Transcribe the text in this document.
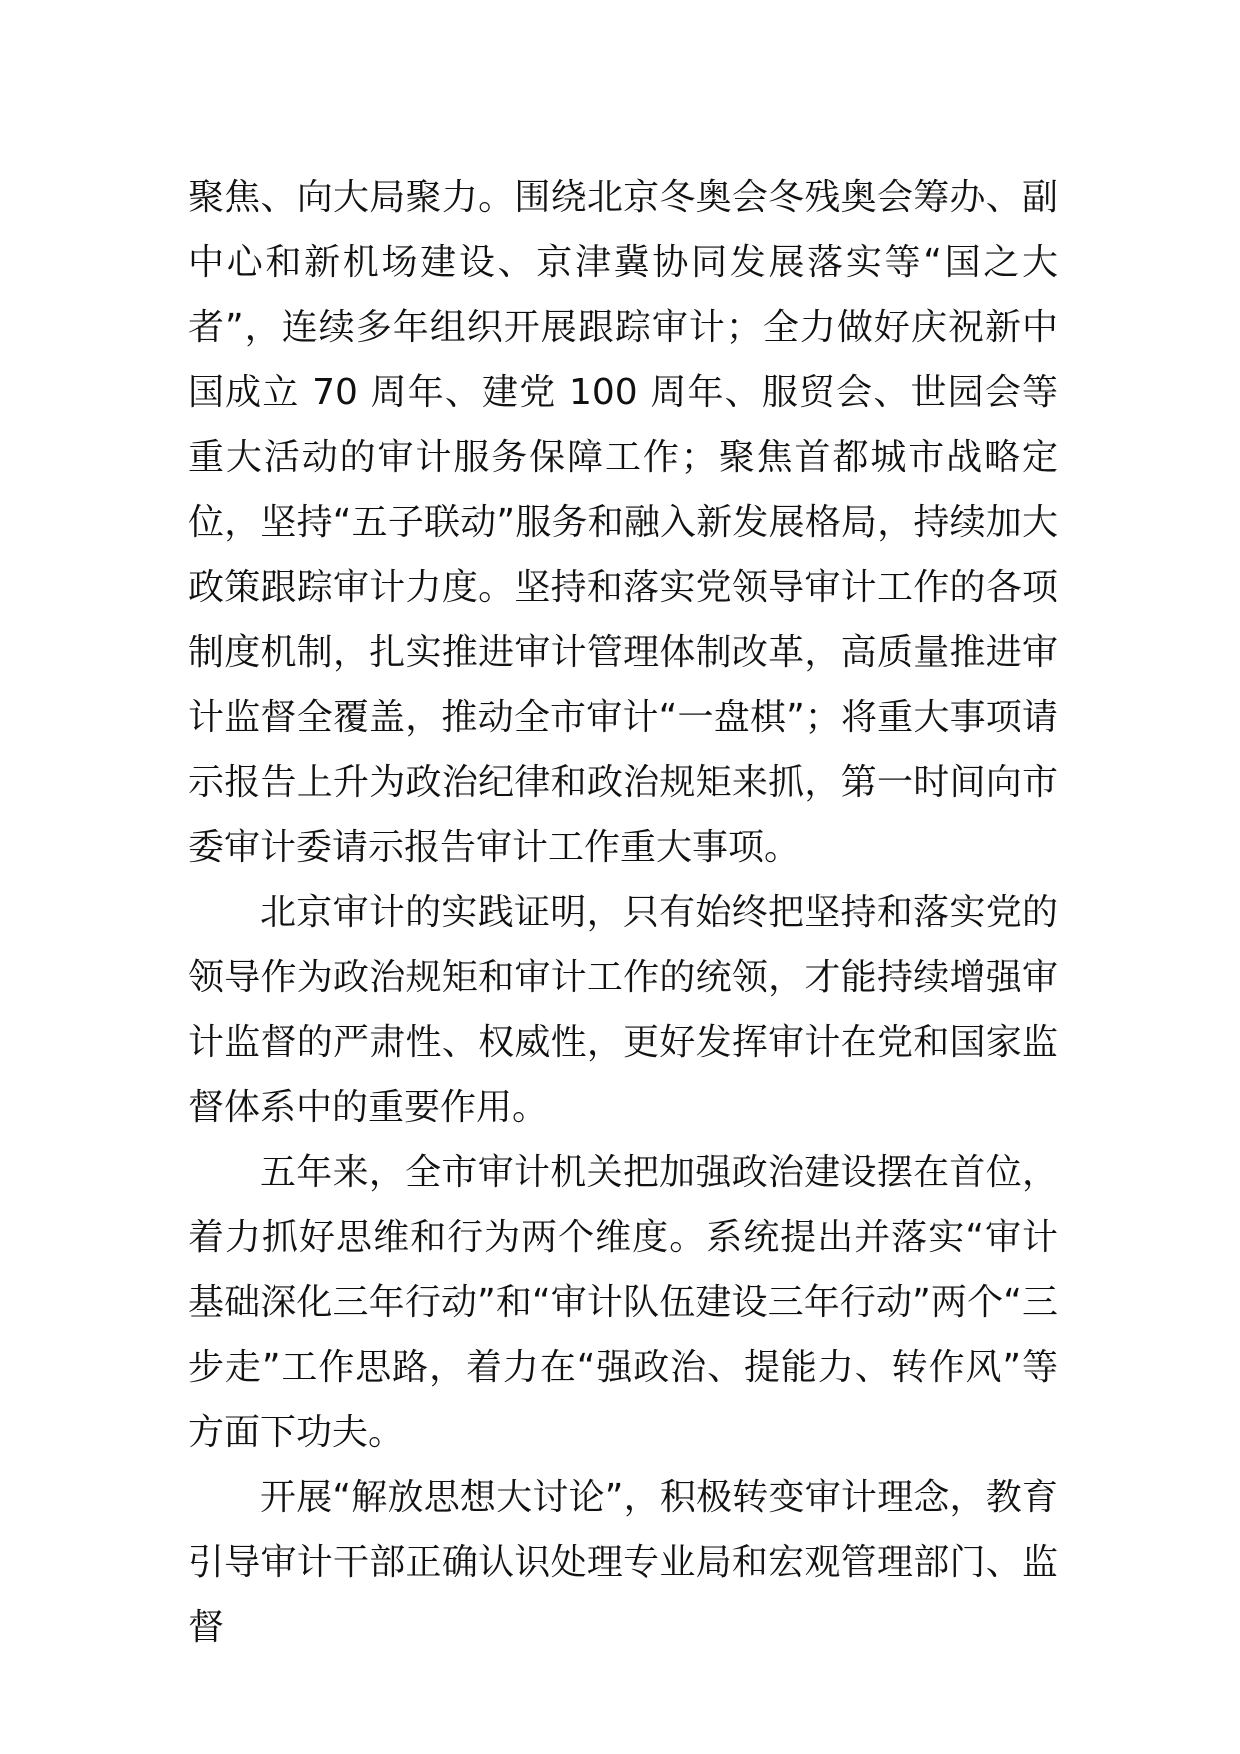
聚焦、向大局聚力。围绕北京冬奥会冬残奥会筹办、副中心和新机场建设、京津冀协同发展落实等“国之大者”，连续多年组织开展跟踪审计；全力做好庆祝新中国成立 70 周年、建党 100 周年、服贸会、世园会等重大活动的审计服务保障工作；聚焦首都城市战略定位，坚持“五子联动”服务和融入新发展格局，持续加大政策跟踪审计力度。坚持和落实党领导审计工作的各项制度机制，扎实推进审计管理体制改革，高质量推进审计监督全覆盖，推动全市审计“一盘棋”；将重大事项请示报告上升为政治纪律和政治规矩来抓，第一时间向市委审计委请示报告审计工作重大事项。

北京审计的实践证明，只有始终把坚持和落实党的领导作为政治规矩和审计工作的统领，才能持续增强审计监督的严肃性、权威性，更好发挥审计在党和国家监督体系中的重要作用。

五年来，全市审计机关把加强政治建设摆在首位，着力抓好思维和行为两个维度。系统提出并落实“审计基础深化三年行动”和“审计队伍建设三年行动”两个“三步走”工作思路，着力在“强政治、提能力、转作风”等方面下功夫。

开展“解放思想大讨论”，积极转变审计理念，教育引导审计干部正确认识处理专业局和宏观管理部门、监督
